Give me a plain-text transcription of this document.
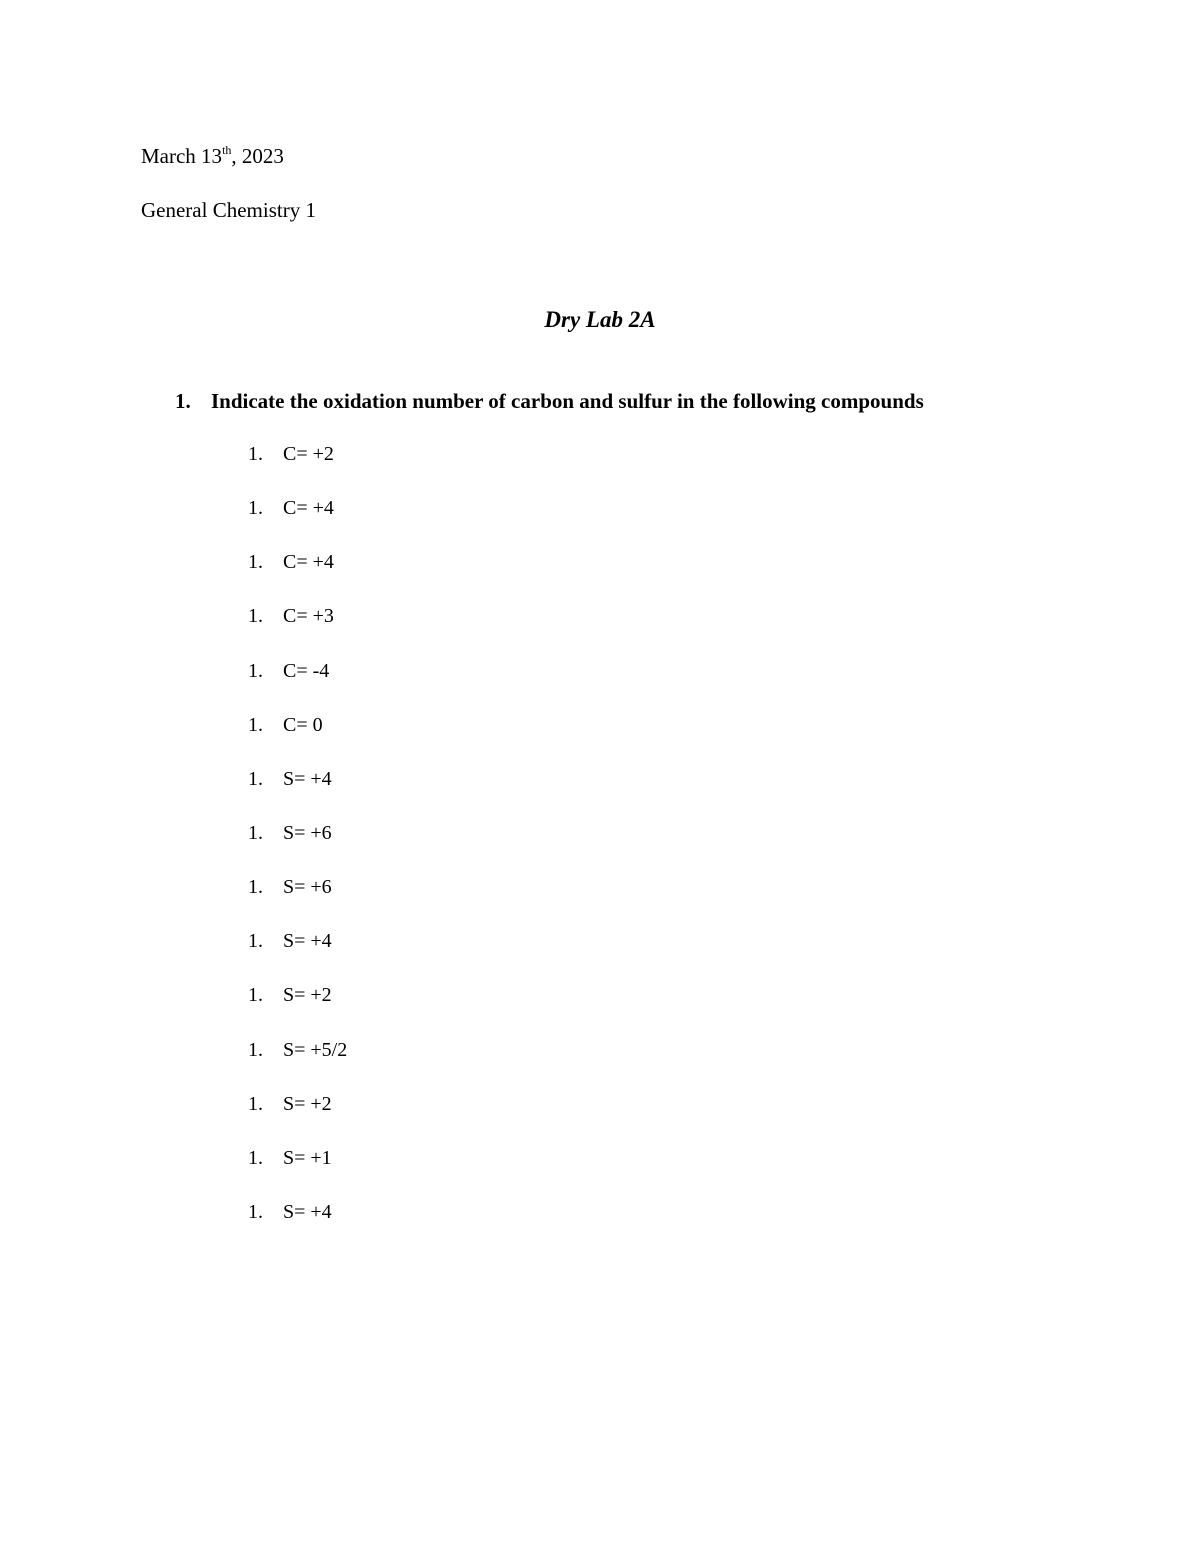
March 13th, 2023
General Chemistry 1
Dry Lab 2A
1. Indicate the oxidation number of carbon and sulfur in the following compounds
1. C= +2
1. C= +4
1. C= +4
1. C= +3
1. C= -4
1. C= 0
1. S= +4
1. S= +6
1. S= +6
1. S= +4
1. S= +2
1. S= +5/2
1. S= +2
1. S= +1
1. S= +4
